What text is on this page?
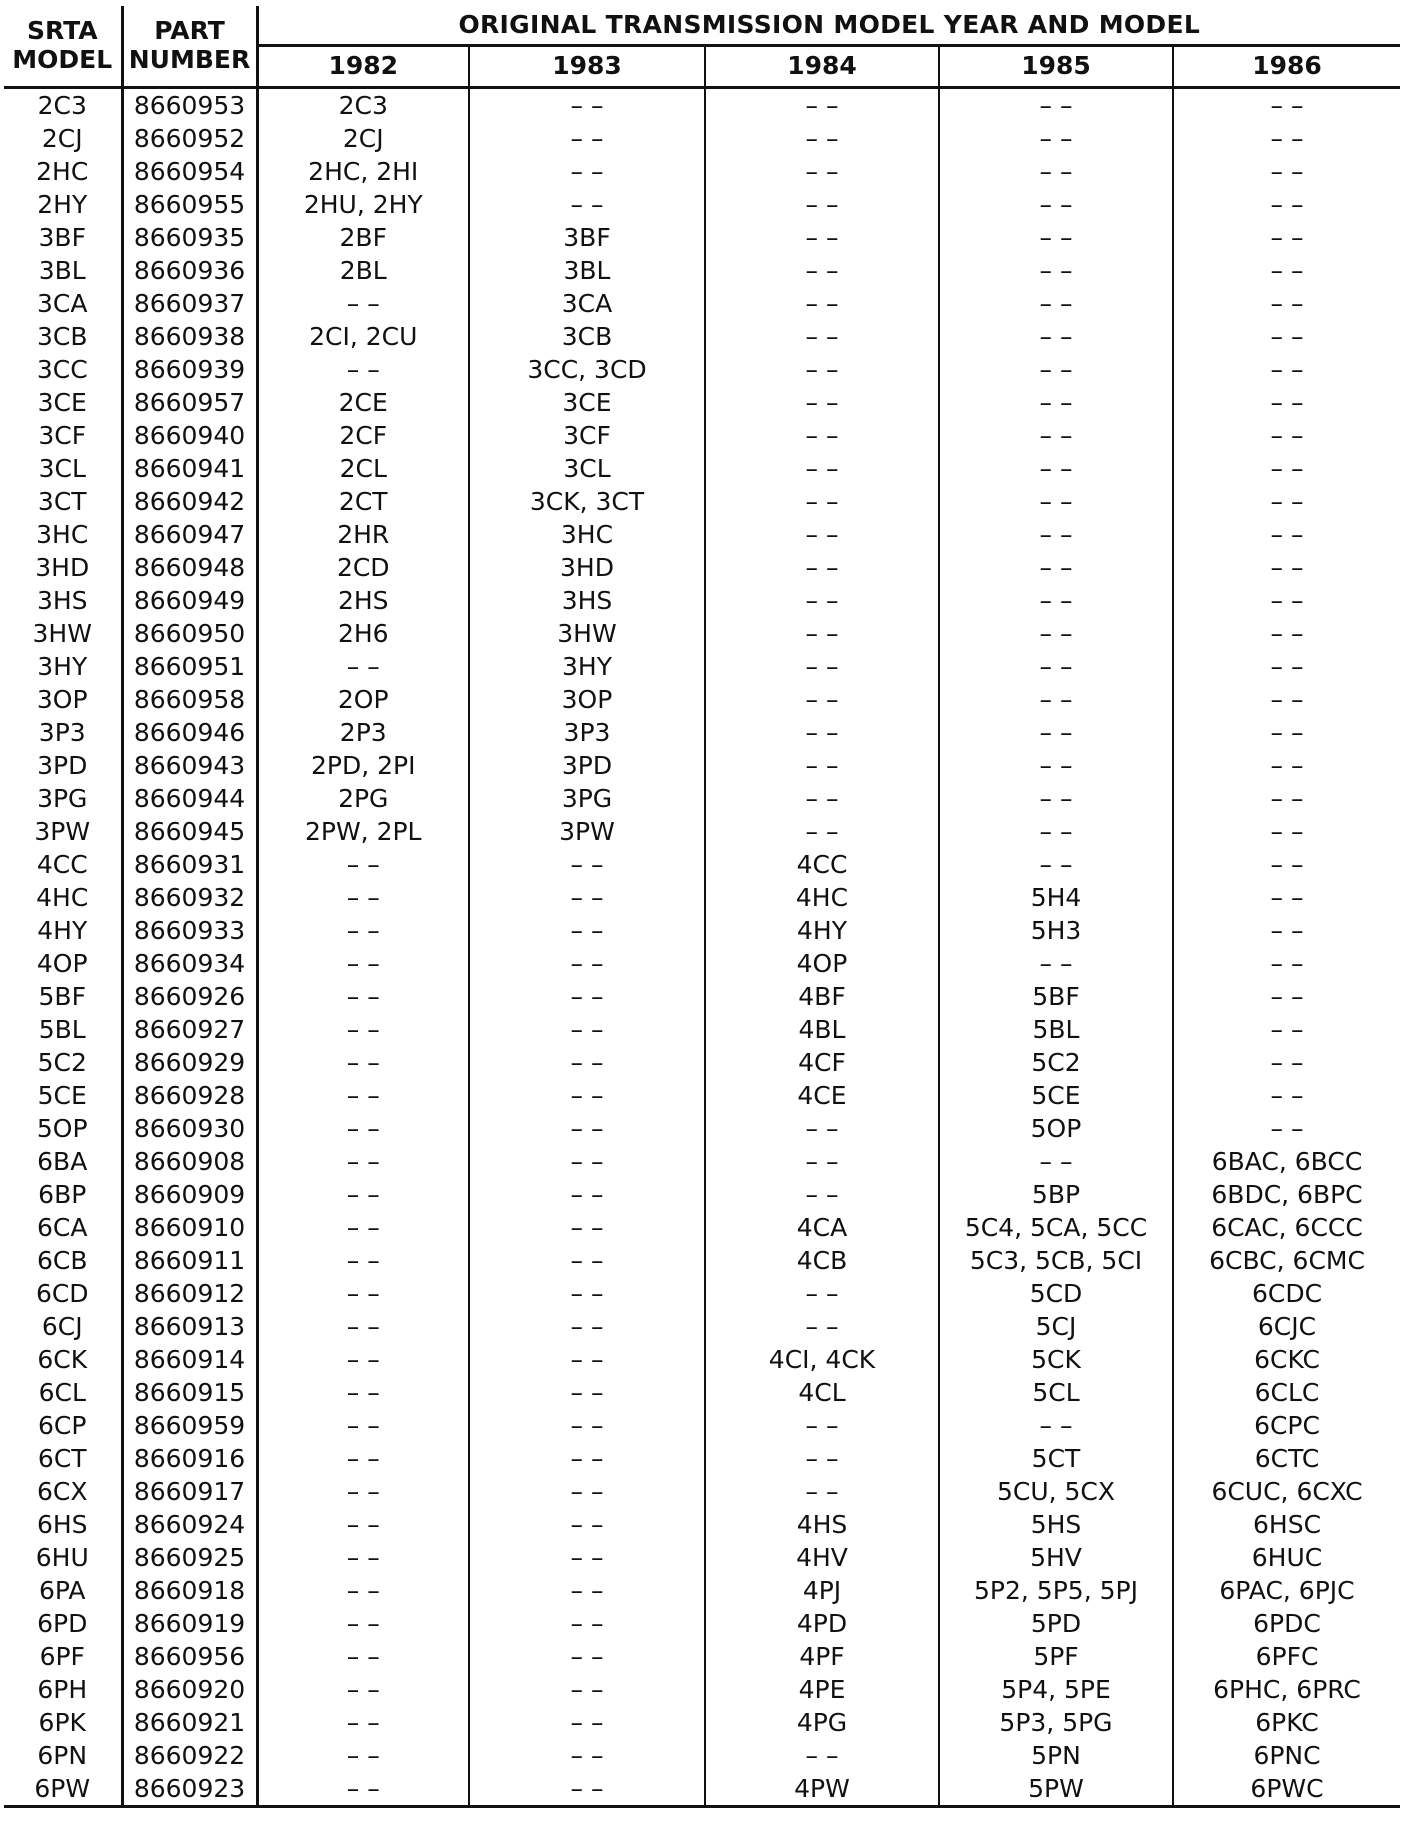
SRTA
MODEL	PART
NUMBER	ORIGINAL TRANSMISSION MODEL YEAR AND MODEL				
		1982	1983	1984	1985	1986
2C3	8660953	2C3	– –	– –	– –	– –
2CJ	8660952	2CJ	– –	– –	– –	– –
2HC	8660954	2HC, 2HI	– –	– –	– –	– –
2HY	8660955	2HU, 2HY	– –	– –	– –	– –
3BF	8660935	2BF	3BF	– –	– –	– –
3BL	8660936	2BL	3BL	– –	– –	– –
3CA	8660937	– –	3CA	– –	– –	– –
3CB	8660938	2CI, 2CU	3CB	– –	– –	– –
3CC	8660939	– –	3CC, 3CD	– –	– –	– –
3CE	8660957	2CE	3CE	– –	– –	– –
3CF	8660940	2CF	3CF	– –	– –	– –
3CL	8660941	2CL	3CL	– –	– –	– –
3CT	8660942	2CT	3CK, 3CT	– –	– –	– –
3HC	8660947	2HR	3HC	– –	– –	– –
3HD	8660948	2CD	3HD	– –	– –	– –
3HS	8660949	2HS	3HS	– –	– –	– –
3HW	8660950	2H6	3HW	– –	– –	– –
3HY	8660951	– –	3HY	– –	– –	– –
3OP	8660958	2OP	3OP	– –	– –	– –
3P3	8660946	2P3	3P3	– –	– –	– –
3PD	8660943	2PD, 2PI	3PD	– –	– –	– –
3PG	8660944	2PG	3PG	– –	– –	– –
3PW	8660945	2PW, 2PL	3PW	– –	– –	– –
4CC	8660931	– –	– –	4CC	– –	– –
4HC	8660932	– –	– –	4HC	5H4	– –
4HY	8660933	– –	– –	4HY	5H3	– –
4OP	8660934	– –	– –	4OP	– –	– –
5BF	8660926	– –	– –	4BF	5BF	– –
5BL	8660927	– –	– –	4BL	5BL	– –
5C2	8660929	– –	– –	4CF	5C2	– –
5CE	8660928	– –	– –	4CE	5CE	– –
5OP	8660930	– –	– –	– –	5OP	– –
6BA	8660908	– –	– –	– –	– –	6BAC, 6BCC
6BP	8660909	– –	– –	– –	5BP	6BDC, 6BPC
6CA	8660910	– –	– –	4CA	5C4, 5CA, 5CC	6CAC, 6CCC
6CB	8660911	– –	– –	4CB	5C3, 5CB, 5CI	6CBC, 6CMC
6CD	8660912	– –	– –	– –	5CD	6CDC
6CJ	8660913	– –	– –	– –	5CJ	6CJC
6CK	8660914	– –	– –	4CI, 4CK	5CK	6CKC
6CL	8660915	– –	– –	4CL	5CL	6CLC
6CP	8660959	– –	– –	– –	– –	6CPC
6CT	8660916	– –	– –	– –	5CT	6CTC
6CX	8660917	– –	– –	– –	5CU, 5CX	6CUC, 6CXC
6HS	8660924	– –	– –	4HS	5HS	6HSC
6HU	8660925	– –	– –	4HV	5HV	6HUC
6PA	8660918	– –	– –	4PJ	5P2, 5P5, 5PJ	6PAC, 6PJC
6PD	8660919	– –	– –	4PD	5PD	6PDC
6PF	8660956	– –	– –	4PF	5PF	6PFC
6PH	8660920	– –	– –	4PE	5P4, 5PE	6PHC, 6PRC
6PK	8660921	– –	– –	4PG	5P3, 5PG	6PKC
6PN	8660922	– –	– –	– –	5PN	6PNC
6PW	8660923	– –	– –	4PW	5PW	6PWC
